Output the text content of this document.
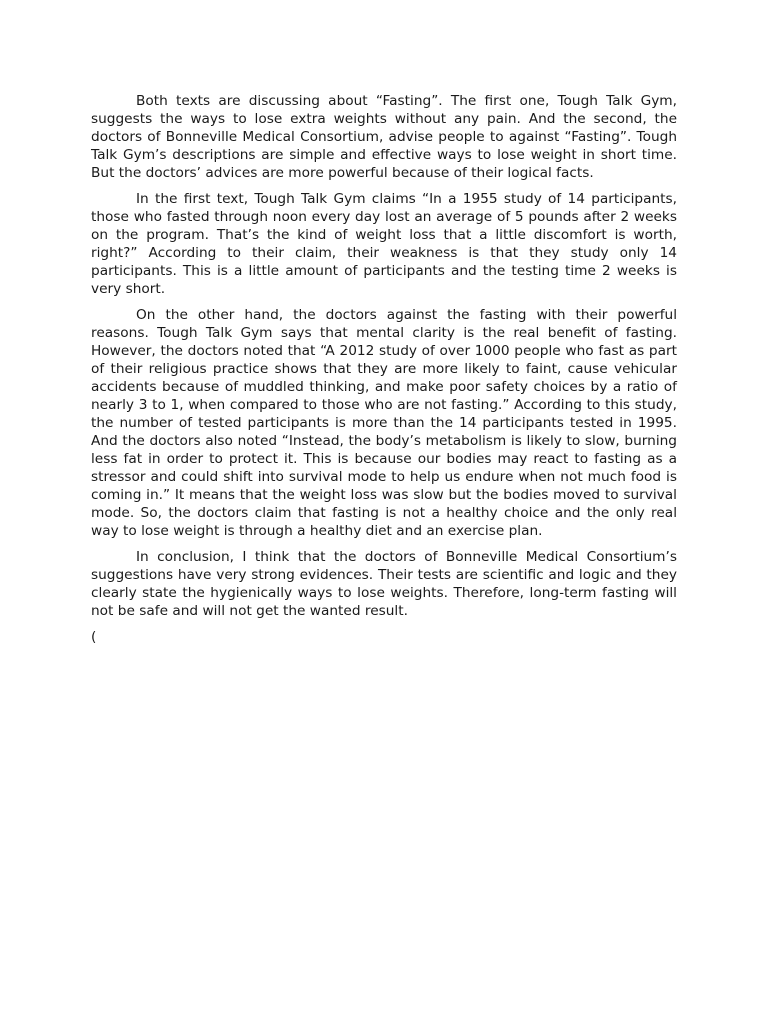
Both texts are discussing about “Fasting”. The first one, Tough Talk Gym, suggests the ways to lose extra weights without any pain. And the second, the doctors of Bonneville Medical Consortium, advise people to against “Fasting”. Tough Talk Gym’s descriptions are simple and effective ways to lose weight in short time. But the doctors’ advices are more powerful because of their logical facts.

In the first text, Tough Talk Gym claims “In a 1955 study of 14 participants, those who fasted through noon every day lost an average of 5 pounds after 2 weeks on the program. That’s the kind of weight loss that a little discomfort is worth, right?” According to their claim, their weakness is that they study only 14 participants. This is a little amount of participants and the testing time 2 weeks is very short.

On the other hand, the doctors against the fasting with their powerful reasons. Tough Talk Gym says that mental clarity is the real benefit of fasting. However, the doctors noted that “A 2012 study of over 1000 people who fast as part of their religious practice shows that they are more likely to faint, cause vehicular accidents because of muddled thinking, and make poor safety choices by a ratio of nearly 3 to 1, when compared to those who are not fasting.” According to this study, the number of tested participants is more than the 14 participants tested in 1995. And the doctors also noted “Instead, the body’s metabolism is likely to slow, burning less fat in order to protect it. This is because our bodies may react to fasting as a stressor and could shift into survival mode to help us endure when not much food is coming in.” It means that the weight loss was slow but the bodies moved to survival mode. So, the doctors claim that fasting is not a healthy choice and the only real way to lose weight is through a healthy diet and an exercise plan.

In conclusion, I think that the doctors of Bonneville Medical Consortium’s suggestions have very strong evidences. Their tests are scientific and logic and they clearly state the hygienically ways to lose weights. Therefore, long-term fasting will not be safe and will not get the wanted result.

(
